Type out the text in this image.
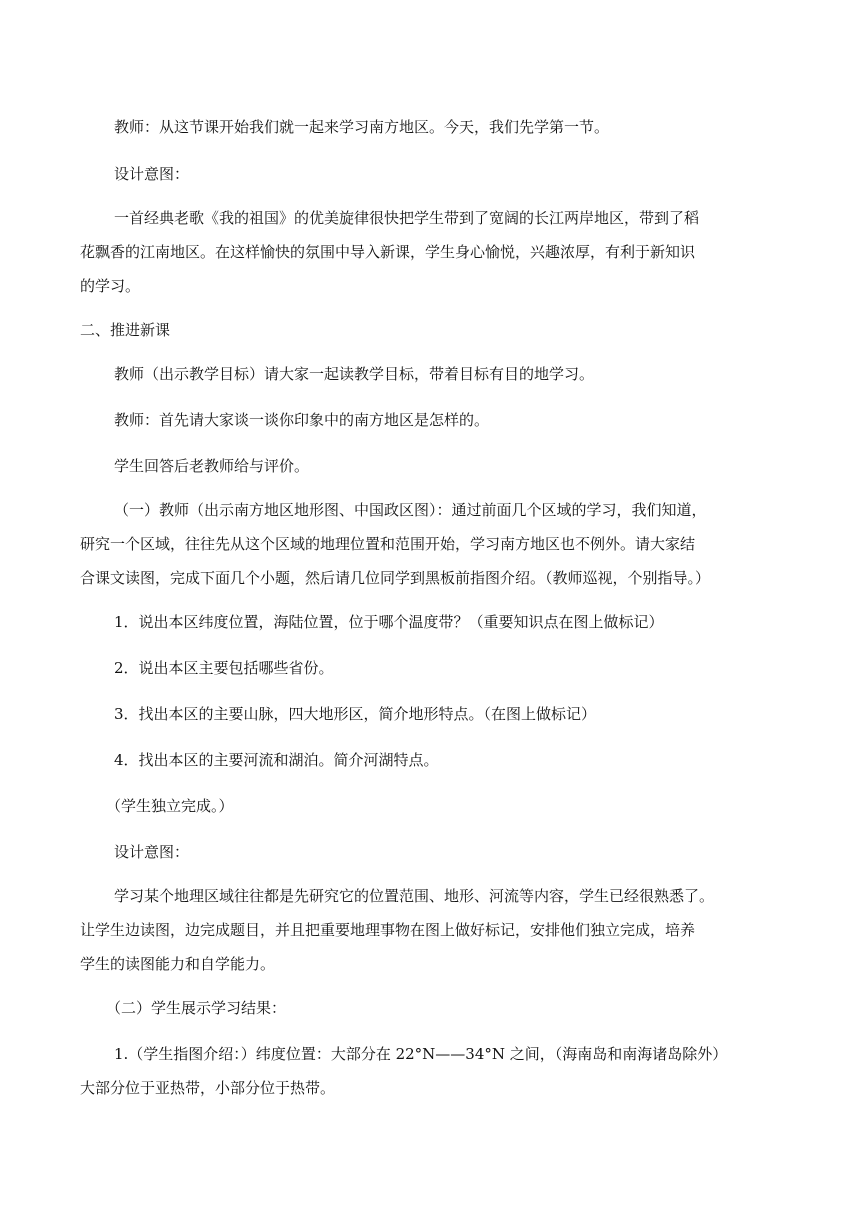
教师：从这节课开始我们就一起来学习南方地区。今天，我们先学第一节。

设计意图：

一首经典老歌《我的祖国》的优美旋律很快把学生带到了宽阔的长江两岸地区，带到了稻
花飘香的江南地区。在这样愉快的氛围中导入新课，学生身心愉悦，兴趣浓厚，有利于新知识
的学习。

二、推进新课

教师（出示教学目标）请大家一起读教学目标，带着目标有目的地学习。

教师：首先请大家谈一谈你印象中的南方地区是怎样的。

学生回答后老教师给与评价。

（一）教师（出示南方地区地形图、中国政区图）：通过前面几个区域的学习，我们知道，
研究一个区域，往往先从这个区域的地理位置和范围开始，学习南方地区也不例外。请大家结
合课文读图，完成下面几个小题，然后请几位同学到黑板前指图介绍。（教师巡视，个别指导。）

1．说出本区纬度位置，海陆位置，位于哪个温度带？（重要知识点在图上做标记）

2．说出本区主要包括哪些省份。

3．找出本区的主要山脉，四大地形区，简介地形特点。（在图上做标记）

4．找出本区的主要河流和湖泊。简介河湖特点。

（学生独立完成。）

设计意图：

学习某个地理区域往往都是先研究它的位置范围、地形、河流等内容，学生已经很熟悉了。
让学生边读图，边完成题目，并且把重要地理事物在图上做好标记，安排他们独立完成，培养
学生的读图能力和自学能力。

（二）学生展示学习结果：

1.（学生指图介绍：）纬度位置：大部分在 22°N——34°N 之间，（海南岛和南海诸岛除外）
大部分位于亚热带，小部分位于热带。
